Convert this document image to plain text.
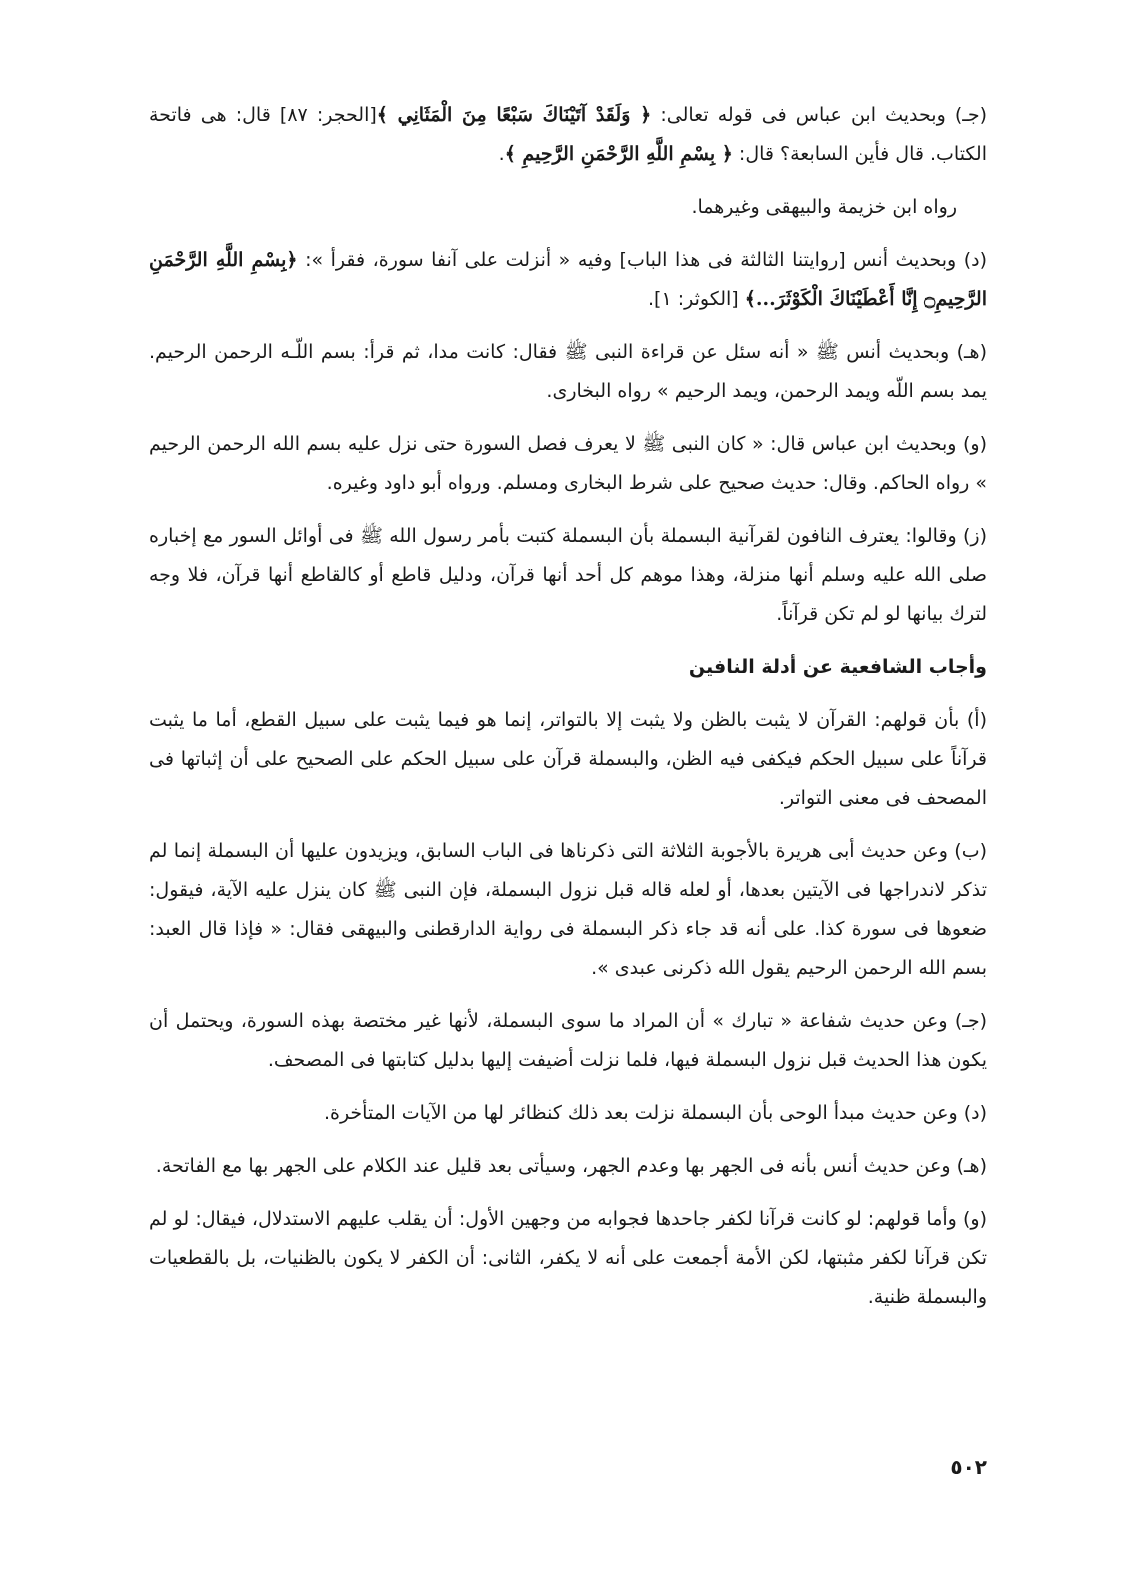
(جـ) وبحديث ابن عباس فى قوله تعالى: ﴿ وَلَقَدْ آتَيْنَاكَ سَبْعًا مِنَ الْمَثَانِي ﴾[الحجر: ٨٧] قال: هى فاتحة الكتاب. قال فأين السابعة؟ قال: ﴿ بِسْمِ اللَّهِ الرَّحْمَنِ الرَّحِيمِ ﴾.

رواه ابن خزيمة والبيهقى وغيرهما.

(د) وبحديث أنس [روايتنا الثالثة فى هذا الباب] وفيه « أنزلت على آنفا سورة، فقرأ »: ﴿بِسْمِ اللَّهِ الرَّحْمَنِ الرَّحِيمِ۝ إِنَّا أَعْطَيْنَاكَ الْكَوْثَرَ...﴾ [الكوثر: ١].

(هـ) وبحديث أنس ﷺ « أنه سئل عن قراءة النبى ﷺ فقال: كانت مدا، ثم قرأ: بسم اللّـه الرحمن الرحيم. يمد بسم اللّه ويمد الرحمن، ويمد الرحيم » رواه البخارى.

(و) وبحديث ابن عباس قال: « كان النبى ﷺ لا يعرف فصل السورة حتى نزل عليه بسم الله الرحمن الرحيم » رواه الحاكم. وقال: حديث صحيح على شرط البخارى ومسلم. ورواه أبو داود وغيره.

(ز) وقالوا: يعترف النافون لقرآنية البسملة بأن البسملة كتبت بأمر رسول الله ﷺ فى أوائل السور مع إخباره صلى الله عليه وسلم أنها منزلة، وهذا موهم كل أحد أنها قرآن، ودليل قاطع أو كالقاطع أنها قرآن، فلا وجه لترك بيانها لو لم تكن قرآناً.

وأجاب الشافعية عن أدلة النافين

(أ) بأن قولهم: القرآن لا يثبت بالظن ولا يثبت إلا بالتواتر، إنما هو فيما يثبت على سبيل القطع، أما ما يثبت قرآناً على سبيل الحكم فيكفى فيه الظن، والبسملة قرآن على سبيل الحكم على الصحيح على أن إثباتها فى المصحف فى معنى التواتر.

(ب) وعن حديث أبى هريرة بالأجوبة الثلاثة التى ذكرناها فى الباب السابق، ويزيدون عليها أن البسملة إنما لم تذكر لاندراجها فى الآيتين بعدها، أو لعله قاله قبل نزول البسملة، فإن النبى ﷺ كان ينزل عليه الآية، فيقول: ضعوها فى سورة كذا. على أنه قد جاء ذكر البسملة فى رواية الدارقطنى والبيهقى فقال: « فإذا قال العبد: بسم الله الرحمن الرحيم يقول الله ذكرنى عبدى ».

(جـ) وعن حديث شفاعة « تبارك » أن المراد ما سوى البسملة، لأنها غير مختصة بهذه السورة، ويحتمل أن يكون هذا الحديث قبل نزول البسملة فيها، فلما نزلت أضيفت إليها بدليل كتابتها فى المصحف.

(د) وعن حديث مبدأ الوحى بأن البسملة نزلت بعد ذلك كنظائر لها من الآيات المتأخرة.

(هـ) وعن حديث أنس بأنه فى الجهر بها وعدم الجهر، وسيأتى بعد قليل عند الكلام على الجهر بها مع الفاتحة.

(و) وأما قولهم: لو كانت قرآنا لكفر جاحدها فجوابه من وجهين الأول: أن يقلب عليهم الاستدلال، فيقال: لو لم تكن قرآنا لكفر مثبتها، لكن الأمة أجمعت على أنه لا يكفر، الثانى: أن الكفر لا يكون بالظنيات، بل بالقطعيات والبسملة ظنية.

٥٠٢
